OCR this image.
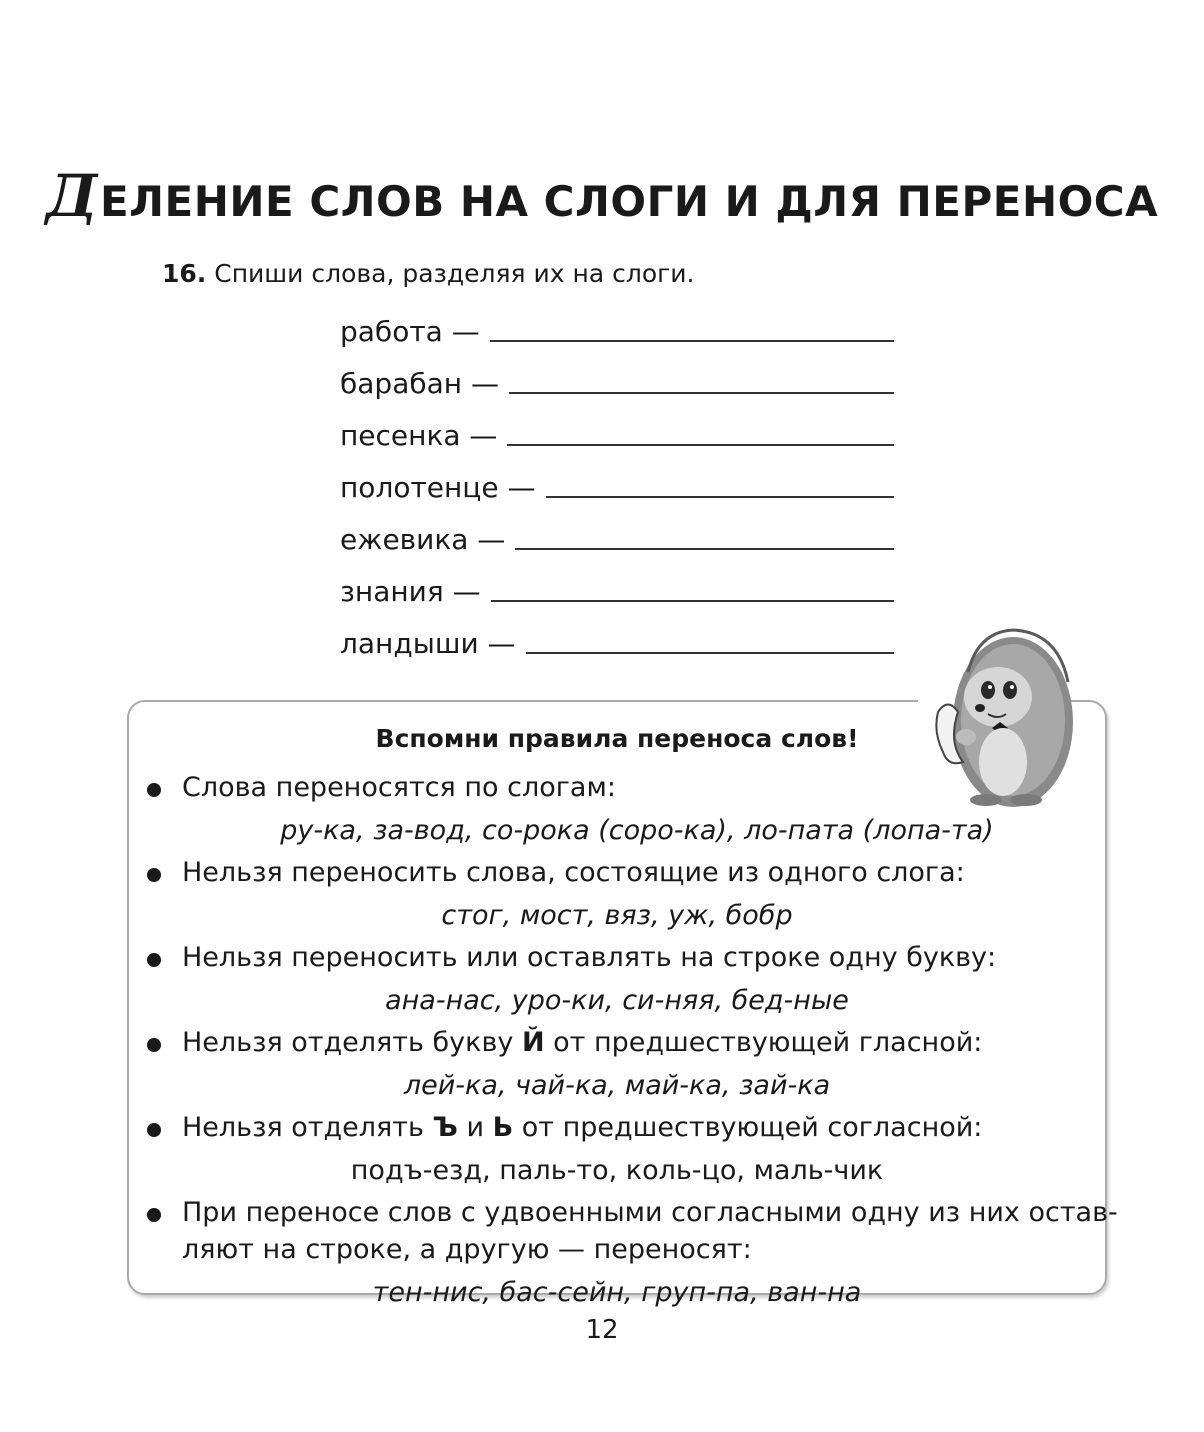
ДЕЛЕНИЕ СЛОВ НА СЛОГИ И ДЛЯ ПЕРЕНОСА
16. Спиши слова, разделяя их на слоги.
работа —
барабан —
песенка —
полотенце —
ежевика —
знания —
ландыши —
Вспомни правила переноса слов!
Слова переносятся по слогам:
ру-ка, за-вод, со-рока (соро-ка), ло-пата (лопа-та)
Нельзя переносить слова, состоящие из одного слога:
стог, мост, вяз, уж, бобр
Нельзя переносить или оставлять на строке одну букву:
ана-нас, уро-ки, си-няя, бед-ные
Нельзя отделять букву Й от предшествующей гласной:
лей-ка, чай-ка, май-ка, зай-ка
Нельзя отделять Ъ и Ь от предшествующей согласной:
подъ-езд, паль-то, коль-цо, маль-чик
При переносе слов с удвоенными согласными одну из них остав-
ляют на строке, а другую — переносят:
тен-нис, бас-сейн, груп-па, ван-на
12
